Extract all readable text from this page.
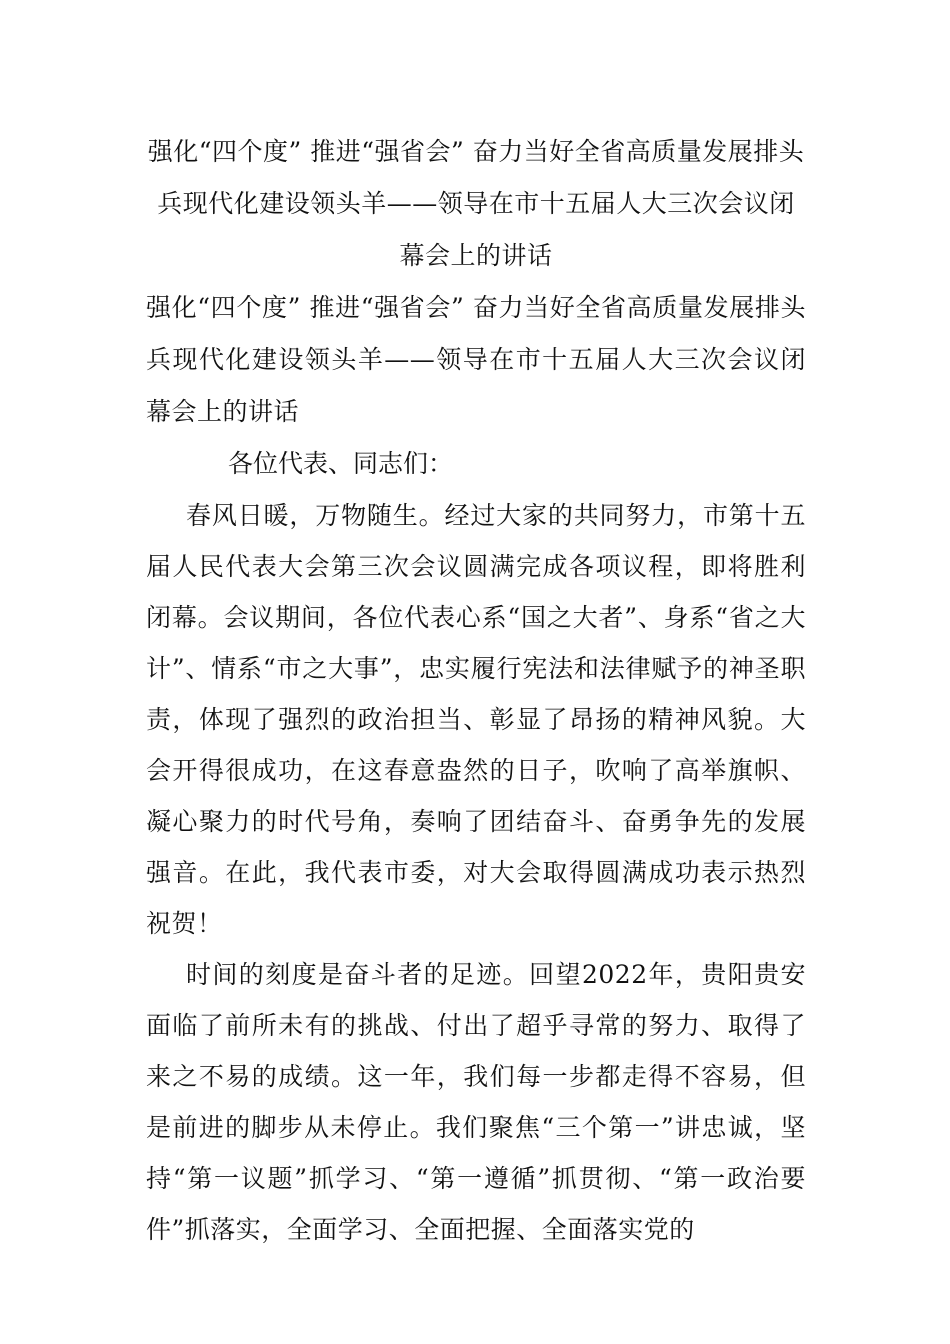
强化“四个度” 推进“强省会” 奋力当好全省高质量发展排头兵现代化建设领头羊——领导在市十五届人大三次会议闭幕会上的讲话

强化“四个度” 推进“强省会” 奋力当好全省高质量发展排头兵现代化建设领头羊——领导在市十五届人大三次会议闭幕会上的讲话

各位代表、同志们：

春风日暖，万物随生。经过大家的共同努力，市第十五届人民代表大会第三次会议圆满完成各项议程，即将胜利闭幕。会议期间，各位代表心系“国之大者”、身系“省之大计”、情系“市之大事”，忠实履行宪法和法律赋予的神圣职责，体现了强烈的政治担当、彰显了昂扬的精神风貌。大会开得很成功，在这春意盎然的日子，吹响了高举旗帜、凝心聚力的时代号角，奏响了团结奋斗、奋勇争先的发展强音。在此，我代表市委，对大会取得圆满成功表示热烈祝贺！

时间的刻度是奋斗者的足迹。回望2022年，贵阳贵安面临了前所未有的挑战、付出了超乎寻常的努力、取得了来之不易的成绩。这一年，我们每一步都走得不容易，但是前进的脚步从未停止。我们聚焦“三个第一”讲忠诚，坚持“第一议题”抓学习、“第一遵循”抓贯彻、“第一政治要件”抓落实，全面学习、全面把握、全面落实党的
